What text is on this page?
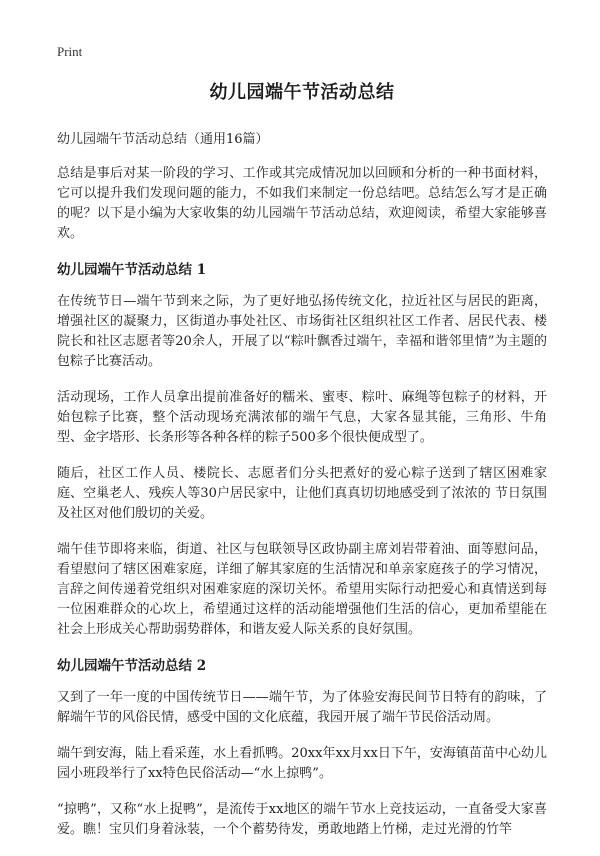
Print
幼儿园端午节活动总结
幼儿园端午节活动总结（通用16篇）

总结是事后对某一阶段的学习、工作或其完成情况加以回顾和分析的一种书面材料，它可以提升我们发现问题的能力，不如我们来制定一份总结吧。总结怎么写才是正确的呢？以下是小编为大家收集的幼儿园端午节活动总结，欢迎阅读，希望大家能够喜欢。

幼儿园端午节活动总结 1

在传统节日—端午节到来之际，为了更好地弘扬传统文化，拉近社区与居民的距离，增强社区的凝聚力，区街道办事处社区、市场街社区组织社区工作者、居民代表、楼院长和社区志愿者等20余人，开展了以“粽叶飘香过端午，幸福和谐邻里情”为主题的包粽子比赛活动。

活动现场，工作人员拿出提前准备好的糯米、蜜枣、粽叶、麻绳等包粽子的材料，开始包粽子比赛，整个活动现场充满浓郁的端午气息，大家各显其能，三角形、牛角型、金字塔形、长条形等各种各样的粽子500多个很快便成型了。

随后，社区工作人员、楼院长、志愿者们分头把煮好的爱心粽子送到了辖区困难家庭、空巢老人、残疾人等30户居民家中，让他们真真切切地感受到了浓浓的 节日氛围及社区对他们殷切的关爱。

端午佳节即将来临，街道、社区与包联领导区政协副主席刘岩带着油、面等慰问品，看望慰问了辖区困难家庭，详细了解其家庭的生活情况和单亲家庭孩子的学习情况，言辞之间传递着党组织对困难家庭的深切关怀。希望用实际行动把爱心和真情送到每一位困难群众的心坎上，希望通过这样的活动能增强他们生活的信心，更加希望能在社会上形成关心帮助弱势群体，和谐友爱人际关系的良好氛围。

幼儿园端午节活动总结 2

又到了一年一度的中国传统节日——端午节，为了体验安海民间节日特有的韵味，了解端午节的风俗民情，感受中国的文化底蕴，我园开展了端午节民俗活动周。

端午到安海，陆上看采莲，水上看抓鸭。20xx年xx月xx日下午，安海镇苗苗中心幼儿园小班段举行了xx特色民俗活动—“水上掠鸭”。

“掠鸭”，又称“水上捉鸭”，是流传于xx地区的端午节水上竞技运动，一直备受大家喜爱。瞧！宝贝们身着泳装，一个个蓄势待发，勇敢地踏上竹梯，走过光滑的竹竿
